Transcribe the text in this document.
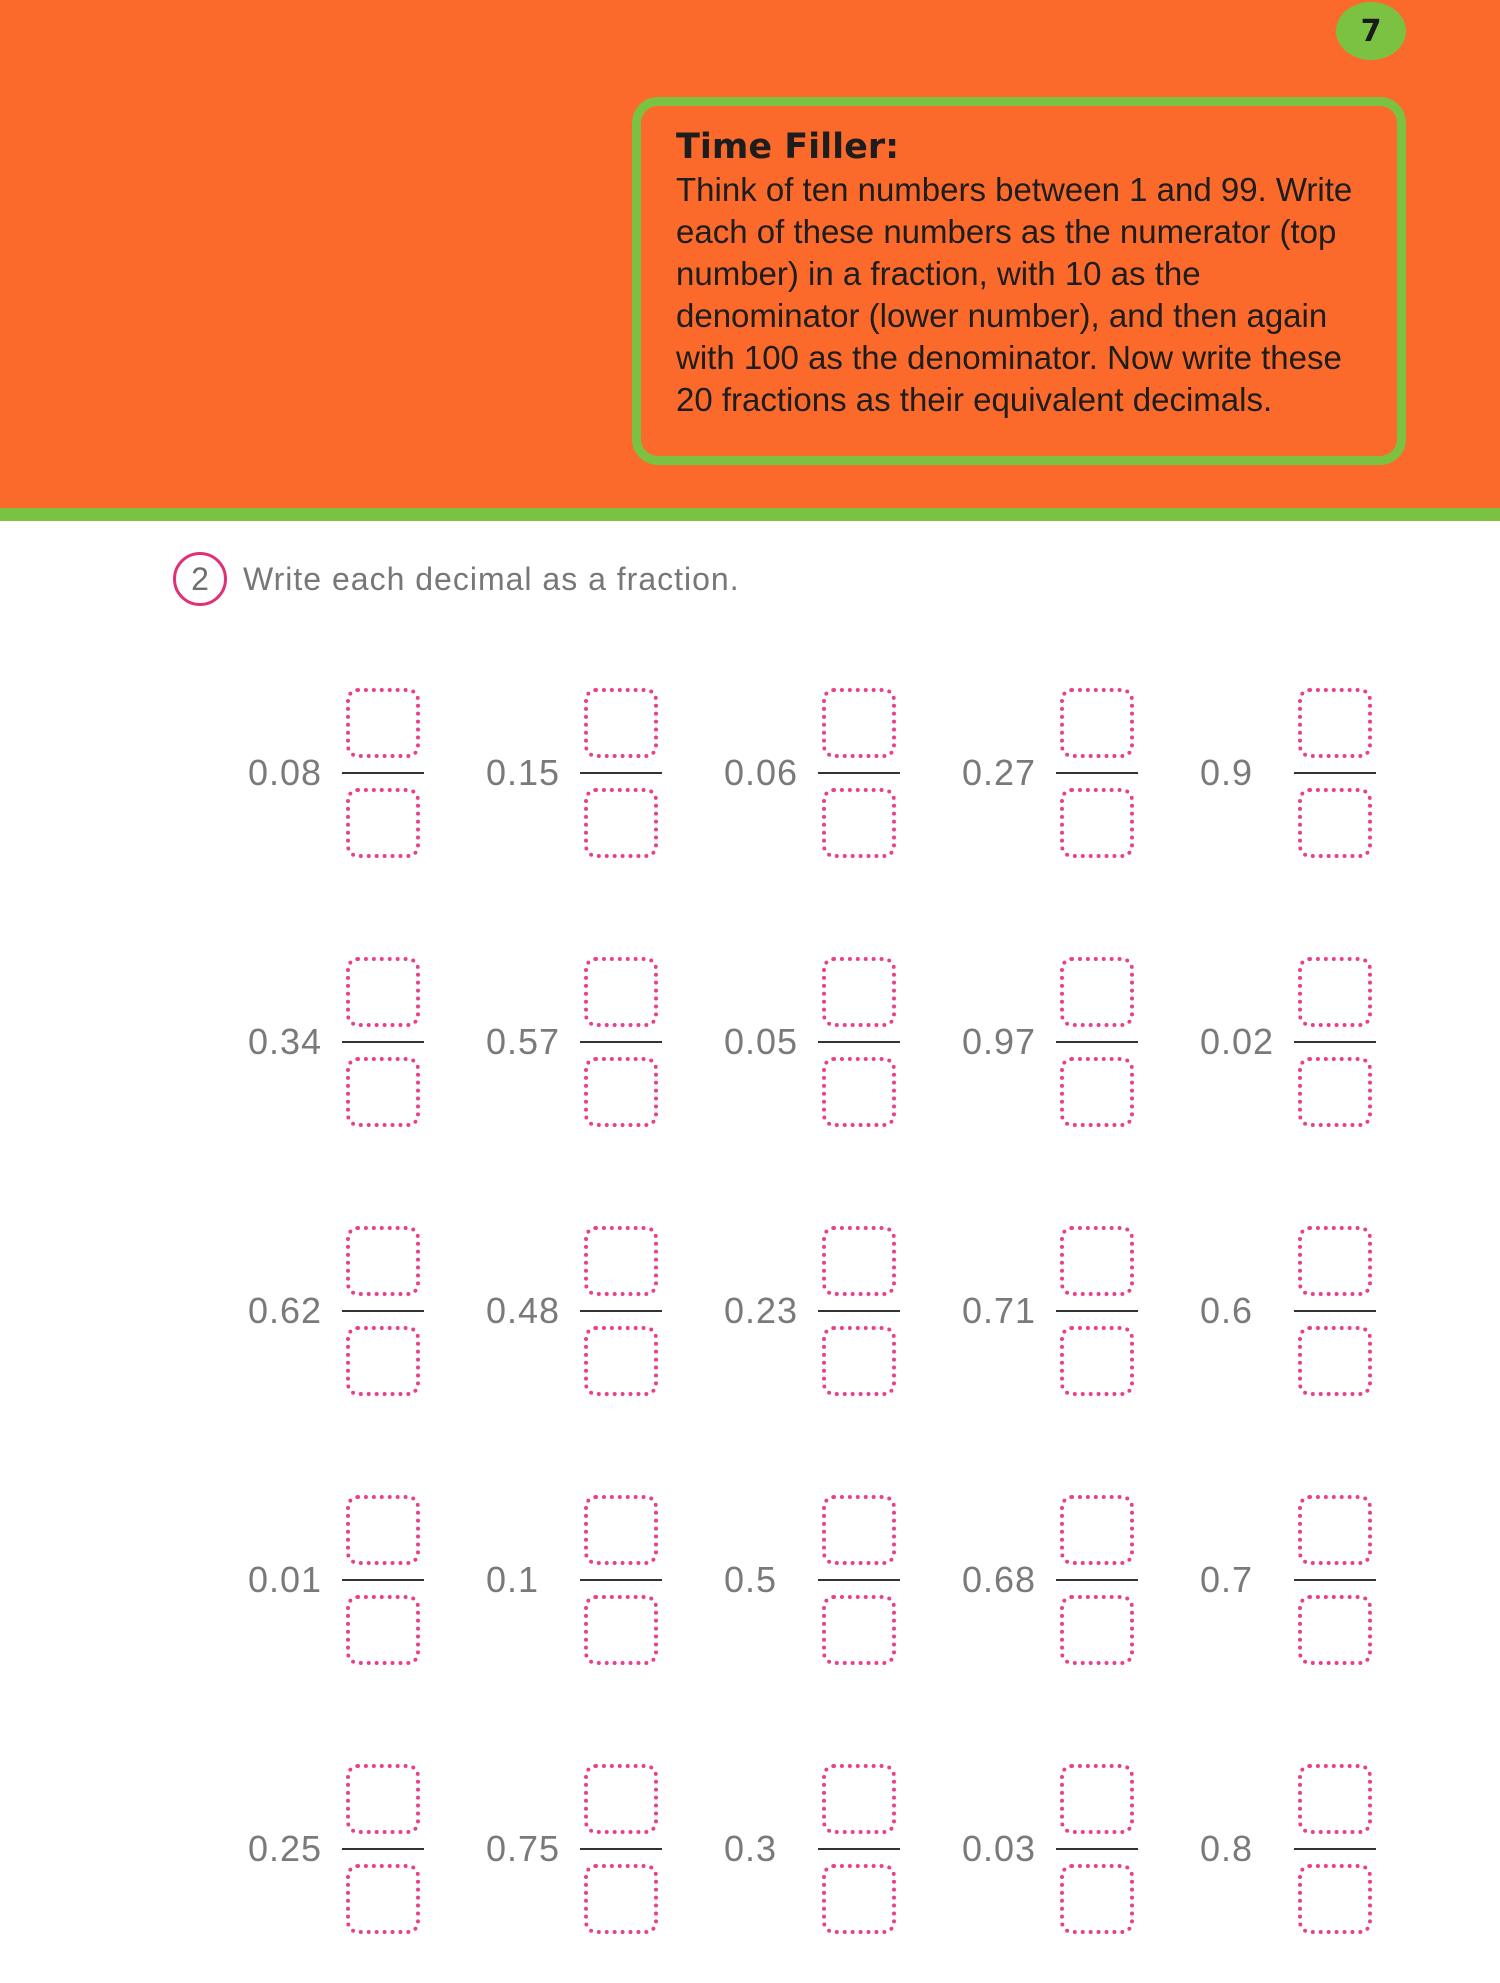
7
Time Filler:
Think of ten numbers between 1 and 99. Write each of these numbers as the numerator (top number) in a fraction, with 10 as the denominator (lower number), and then again with 100 as the denominator. Now write these 20 fractions as their equivalent decimals.
2	Write each decimal as a fraction.
0.08	0.15	0.06	0.27	0.9
0.34	0.57	0.05	0.97	0.02
0.62	0.48	0.23	0.71	0.6
0.01	0.1	0.5	0.68	0.7
0.25	0.75	0.3	0.03	0.8
